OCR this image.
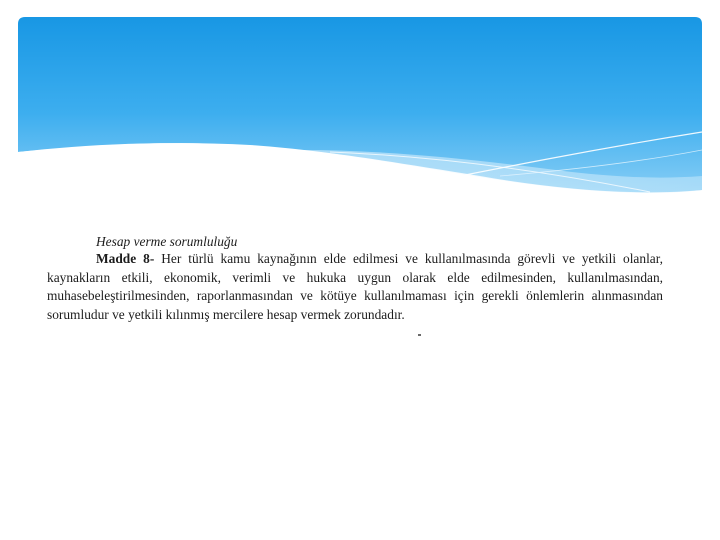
Hesap verme sorumluluğu

Madde 8- Her türlü kamu kaynağının elde edilmesi ve kullanılmasında görevli ve yetkili olanlar, kaynakların etkili, ekonomik, verimli ve hukuka uygun olarak elde edilmesinden, kullanılmasından, muhasebeleştirilmesinden, raporlanmasından ve kötüye kullanılmaması için gerekli önlemlerin alınmasından sorumludur ve yetkili kılınmış mercilere hesap vermek zorundadır.
